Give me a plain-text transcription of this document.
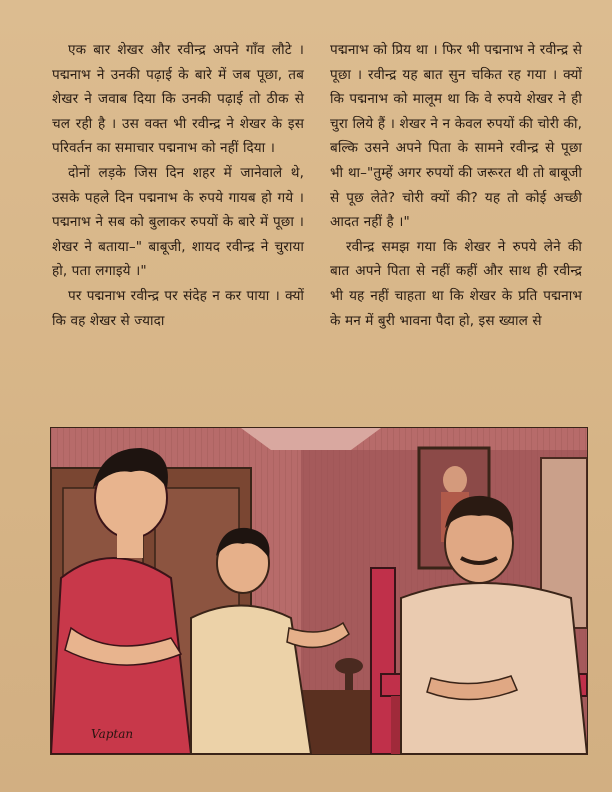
एक बार शेखर और रवीन्द्र अपने गाँव लौटे । पद्मनाभ ने उनकी पढ़ाई के बारे में जब पूछा, तब शेखर ने जवाब दिया कि उनकी पढ़ाई तो ठीक से चल रही है । उस वक्त भी रवीन्द्र ने शेखर के इस परिवर्तन का समाचार पद्मनाभ को नहीं दिया ।

दोनों लड़के जिस दिन शहर में जानेवाले थे, उसके पहले दिन पद्मनाभ के रुपये गायब हो गये । पद्मनाभ ने सब को बुलाकर रुपयों के बारे में पूछा । शेखर ने बताया–" बाबूजी, शायद रवीन्द्र ने चुराया हो, पता लगाइये ।"

पर पद्मनाभ रवीन्द्र पर संदेह न कर पाया । क्यों कि वह शेखर से ज्यादा

पद्मनाभ को प्रिय था । फिर भी पद्मनाभ ने रवीन्द्र से पूछा । रवीन्द्र यह बात सुन चकित रह गया । क्यों कि पद्मनाभ को मालूम था कि वे रुपये शेखर ने ही चुरा लिये हैं । शेखर ने न केवल रुपयों की चोरी की, बल्कि उसने अपने पिता के सामने रवीन्द्र से पूछा भी था–"तुम्हें अगर रुपयों की जरूरत थी तो बाबूजी से पूछ लेते? चोरी क्यों की? यह तो कोई अच्छी आदत नहीं है ।"

रवीन्द्र समझ गया कि शेखर ने रुपये लेने की बात अपने पिता से नहीं कहीं और साथ ही रवीन्द्र भी यह नहीं चाहता था कि शेखर के प्रति पद्मनाभ के मन में बुरी भावना पैदा हो, इस ख्याल से

Vaptan
